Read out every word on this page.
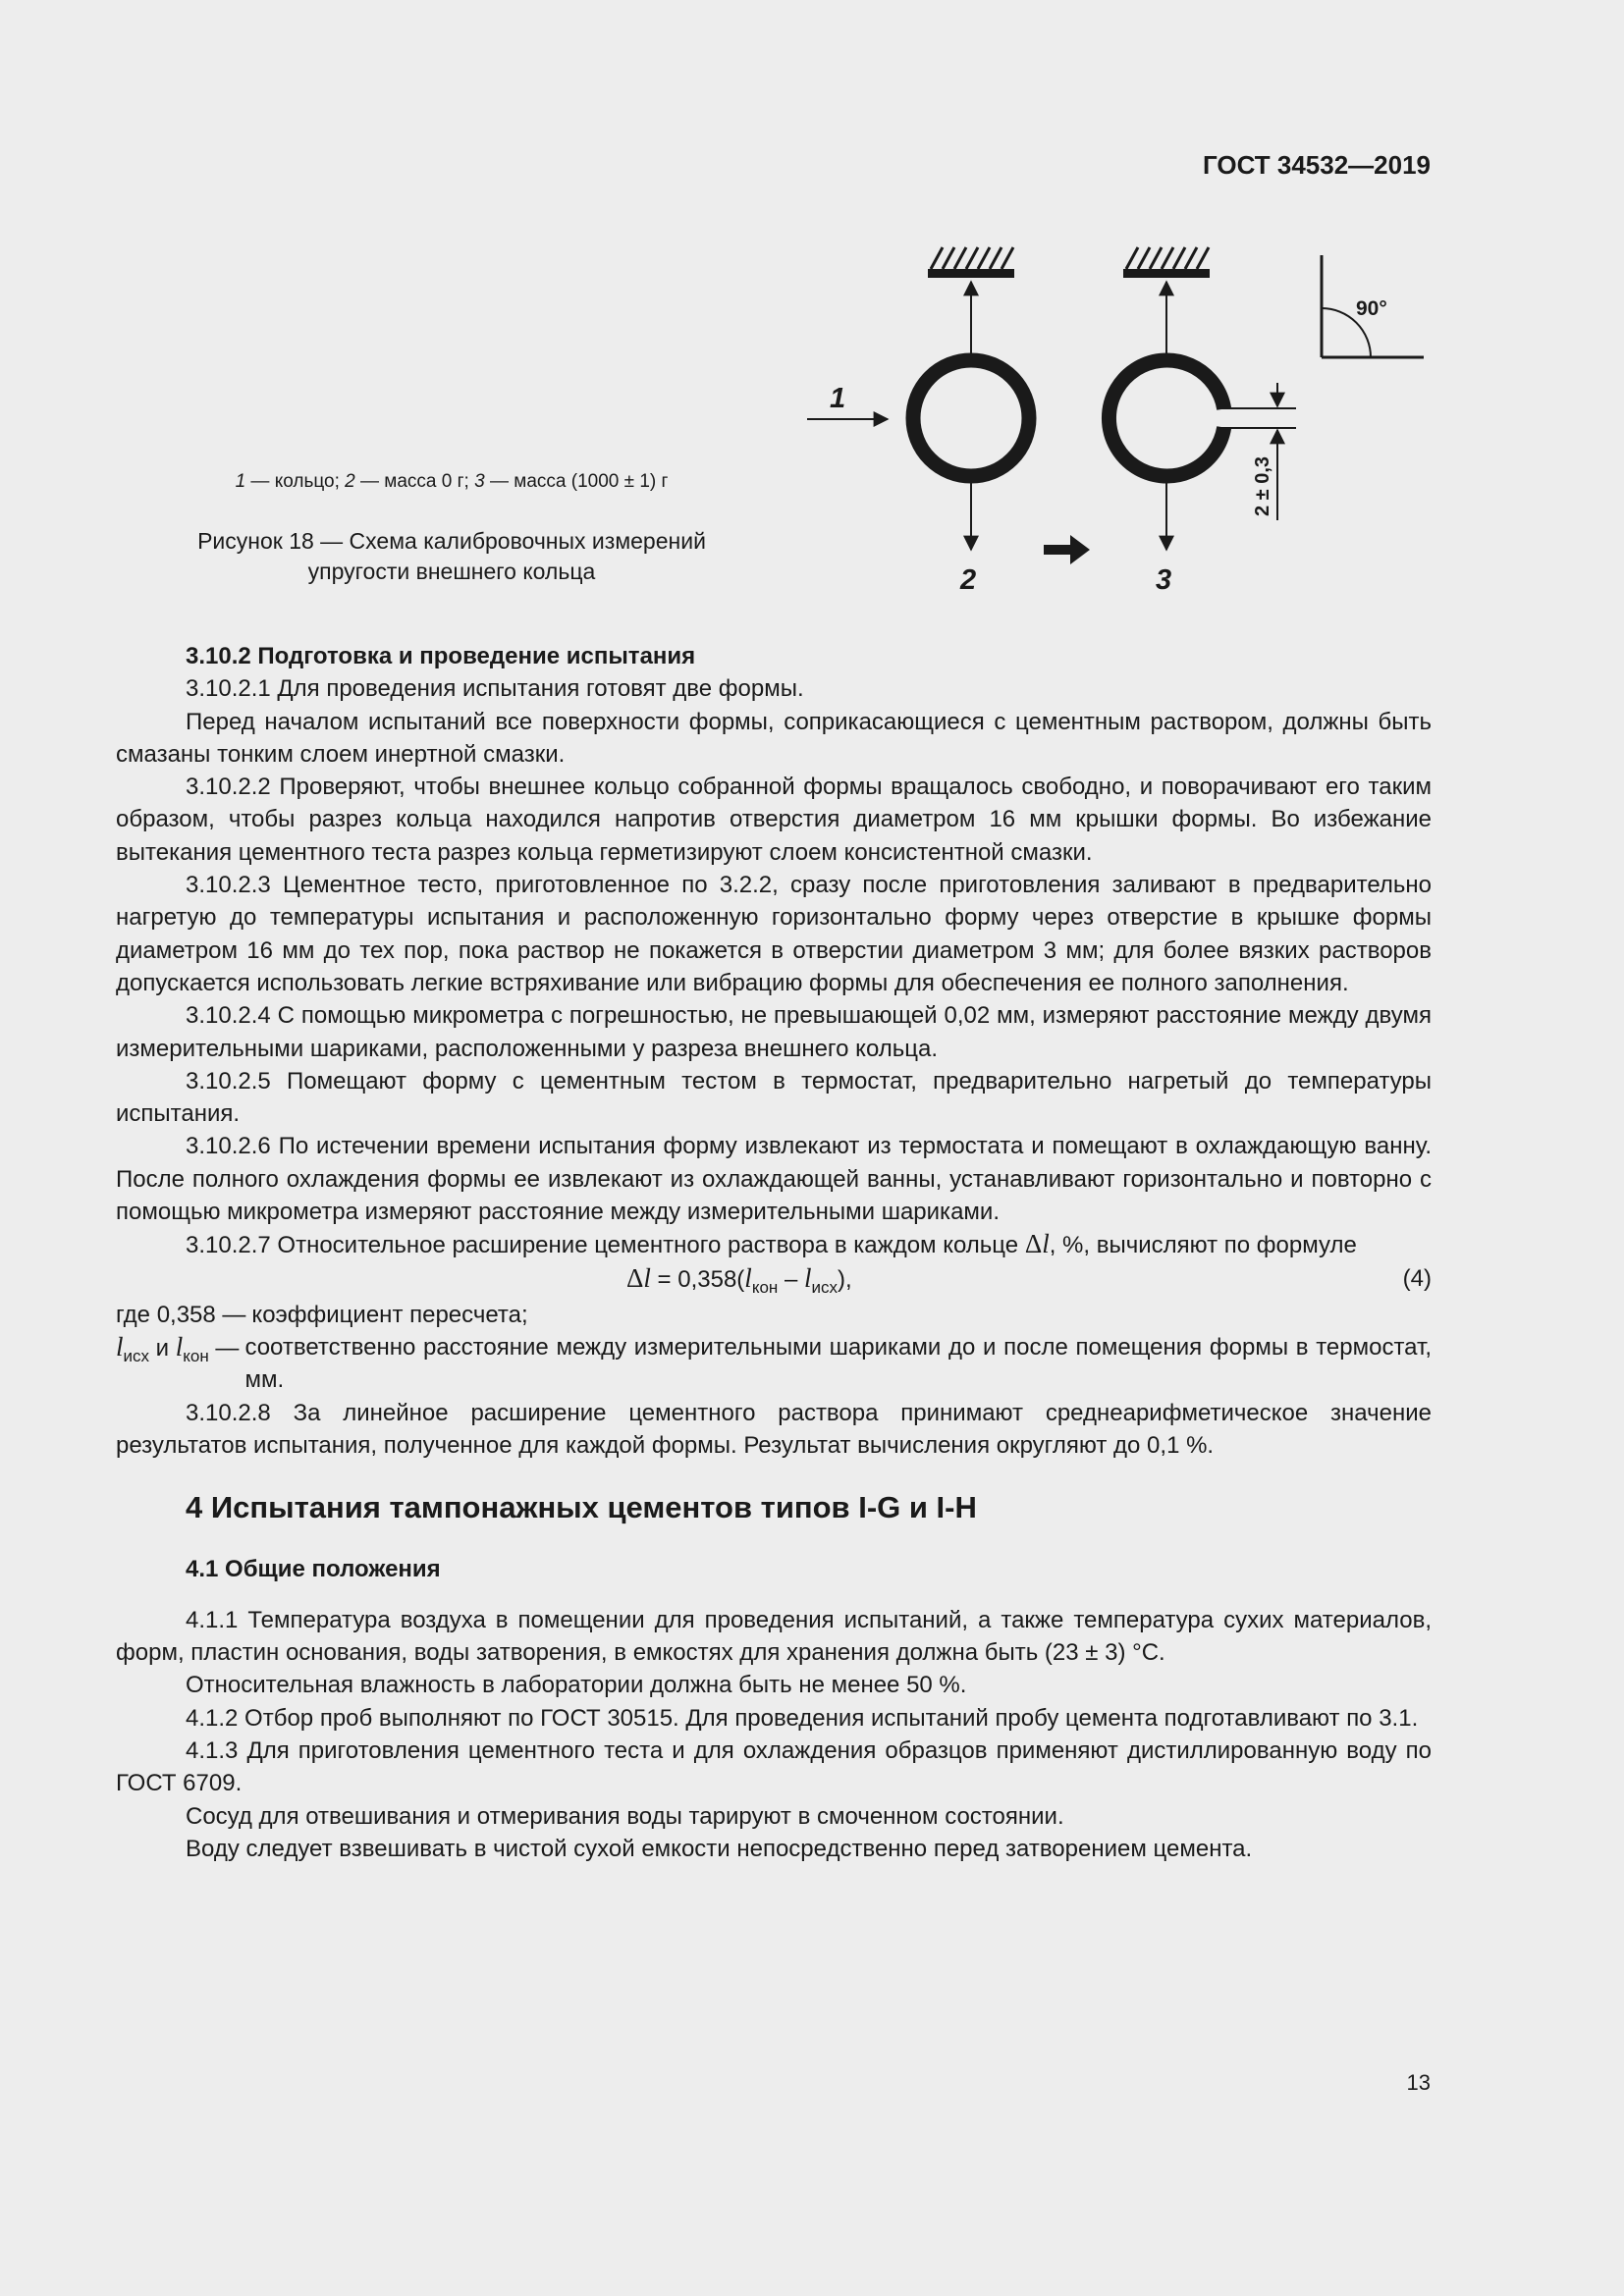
ГОСТ 34532—2019
2 ± 0,3
1
2	3
90°
1 — кольцо; 2 — масса 0 г; 3 — масса (1000 ± 1) г
Рисунок 18 — Схема калибровочных измерений
упругости внешнего кольца

3.10.2 Подготовка и проведение испытания

3.10.2.1 Для проведения испытания готовят две формы.

Перед началом испытаний все поверхности формы, соприкасающиеся с цементным раствором, должны быть смазаны тонким слоем инертной смазки.

3.10.2.2 Проверяют, чтобы внешнее кольцо собранной формы вращалось свободно, и поворачивают его таким образом, чтобы разрез кольца находился напротив отверстия диаметром 16 мм крышки формы. Во избежание вытекания цементного теста разрез кольца герметизируют слоем консистентной смазки.

3.10.2.3 Цементное тесто, приготовленное по 3.2.2, сразу после приготовления заливают в предварительно нагретую до температуры испытания и расположенную горизонтально форму через отверстие в крышке формы диаметром 16 мм до тех пор, пока раствор не покажется в отверстии диаметром 3 мм; для более вязких растворов допускается использовать легкие встряхивание или вибрацию формы для обеспечения ее полного заполнения.

3.10.2.4 С помощью микрометра с погрешностью, не превышающей 0,02 мм, измеряют расстояние между двумя измерительными шариками, расположенными у разреза внешнего кольца.

3.10.2.5 Помещают форму с цементным тестом в термостат, предварительно нагретый до температуры испытания.

3.10.2.6 По истечении времени испытания форму извлекают из термостата и помещают в охлаждающую ванну. После полного охлаждения формы ее извлекают из охлаждающей ванны, устанавливают горизонтально и повторно с помощью микрометра измеряют расстояние между измерительными шариками.

3.10.2.7 Относительное расширение цементного раствора в каждом кольце Δl, %, вычисляют по формуле

$\Delta l = 0,358(l_{кон} - l_{исх})$,	(4)
где 0,358 — коэффициент пересчета;
$l_{исх}$ и $l_{кон}$ — соответственно расстояние между измерительными шариками до и после помещения формы в термостат, мм.

3.10.2.8 За линейное расширение цементного раствора принимают среднеарифметическое значение результатов испытания, полученное для каждой формы. Результат вычисления округляют до 0,1 %.

4 Испытания тампонажных цементов типов I-G и I-H

4.1 Общие положения

4.1.1 Температура воздуха в помещении для проведения испытаний, а также температура сухих материалов, форм, пластин основания, воды затворения, в емкостях для хранения должна быть (23 ± 3) °С.

Относительная влажность в лаборатории должна быть не менее 50 %.

4.1.2 Отбор проб выполняют по ГОСТ 30515. Для проведения испытаний пробу цемента подготавливают по 3.1.

4.1.3 Для приготовления цементного теста и для охлаждения образцов применяют дистиллированную воду по ГОСТ 6709.

Сосуд для отвешивания и отмеривания воды тарируют в смоченном состоянии.

Воду следует взвешивать в чистой сухой емкости непосредственно перед затворением цемента.

13
